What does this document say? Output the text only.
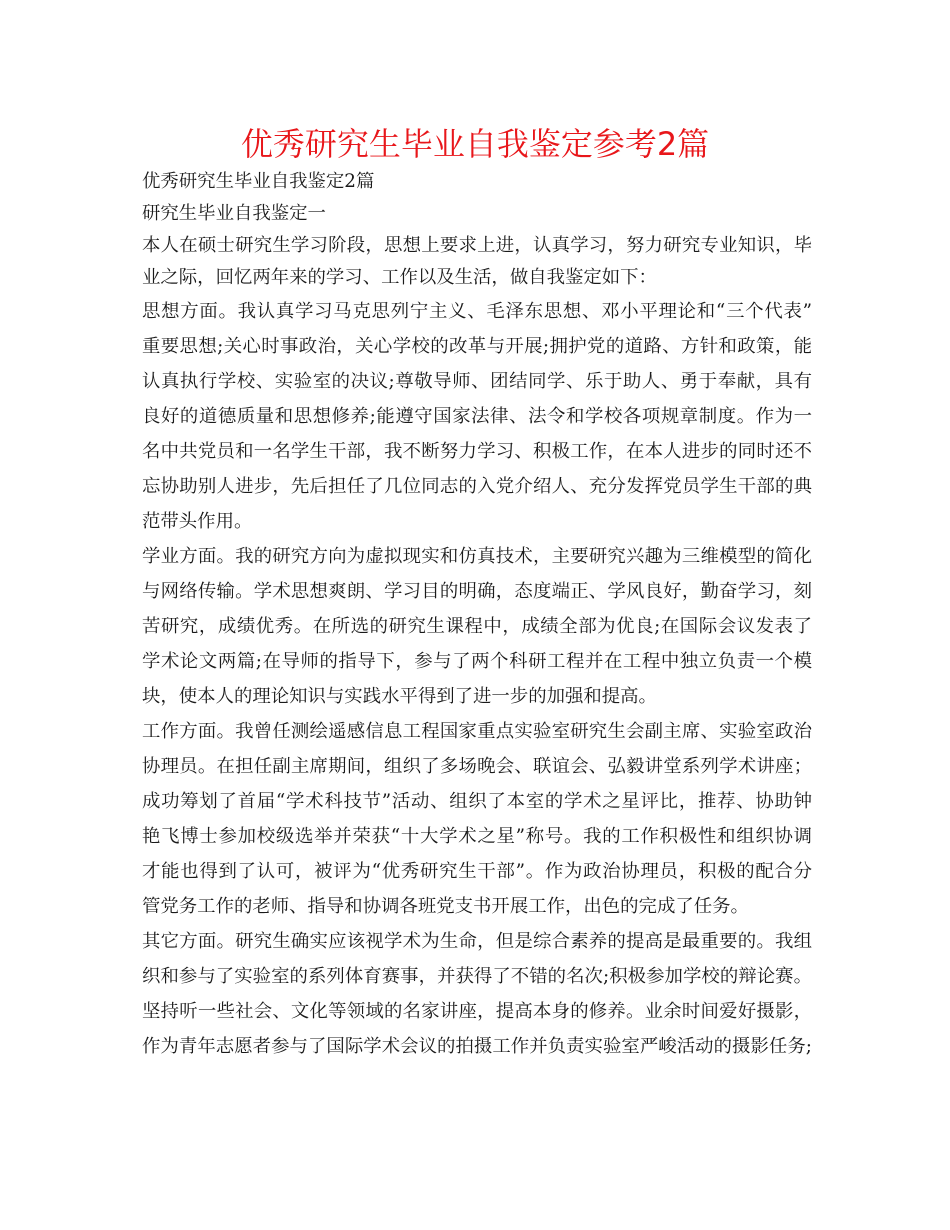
优秀研究生毕业自我鉴定参考2篇

优秀研究生毕业自我鉴定2篇

研究生毕业自我鉴定一

本人在硕士研究生学习阶段，思想上要求上进，认真学习，努力研究专业知识，毕

业之际，回忆两年来的学习、工作以及生活，做自我鉴定如下：

思想方面。我认真学习马克思列宁主义、毛泽东思想、邓小平理论和“三个代表”

重要思想;关心时事政治，关心学校的改革与开展;拥护党的道路、方针和政策，能

认真执行学校、实验室的决议;尊敬导师、团结同学、乐于助人、勇于奉献，具有

良好的道德质量和思想修养;能遵守国家法律、法令和学校各项规章制度。作为一

名中共党员和一名学生干部，我不断努力学习、积极工作，在本人进步的同时还不

忘协助别人进步，先后担任了几位同志的入党介绍人、充分发挥党员学生干部的典

范带头作用。

学业方面。我的研究方向为虚拟现实和仿真技术，主要研究兴趣为三维模型的简化

与网络传输。学术思想爽朗、学习目的明确，态度端正、学风良好，勤奋学习，刻

苦研究，成绩优秀。在所选的研究生课程中，成绩全部为优良;在国际会议发表了

学术论文两篇;在导师的指导下，参与了两个科研工程并在工程中独立负责一个模

块，使本人的理论知识与实践水平得到了进一步的加强和提高。

工作方面。我曾任测绘遥感信息工程国家重点实验室研究生会副主席、实验室政治

协理员。在担任副主席期间，组织了多场晚会、联谊会、弘毅讲堂系列学术讲座；

成功筹划了首届“学术科技节”活动、组织了本室的学术之星评比，推荐、协助钟

艳飞博士参加校级选举并荣获“十大学术之星”称号。我的工作积极性和组织协调

才能也得到了认可，被评为“优秀研究生干部”。作为政治协理员，积极的配合分

管党务工作的老师、指导和协调各班党支书开展工作，出色的完成了任务。

其它方面。研究生确实应该视学术为生命，但是综合素养的提高是最重要的。我组

织和参与了实验室的系列体育赛事，并获得了不错的名次;积极参加学校的辩论赛。

坚持听一些社会、文化等领域的名家讲座，提高本身的修养。业余时间爱好摄影，

作为青年志愿者参与了国际学术会议的拍摄工作并负责实验室严峻活动的摄影任务;
